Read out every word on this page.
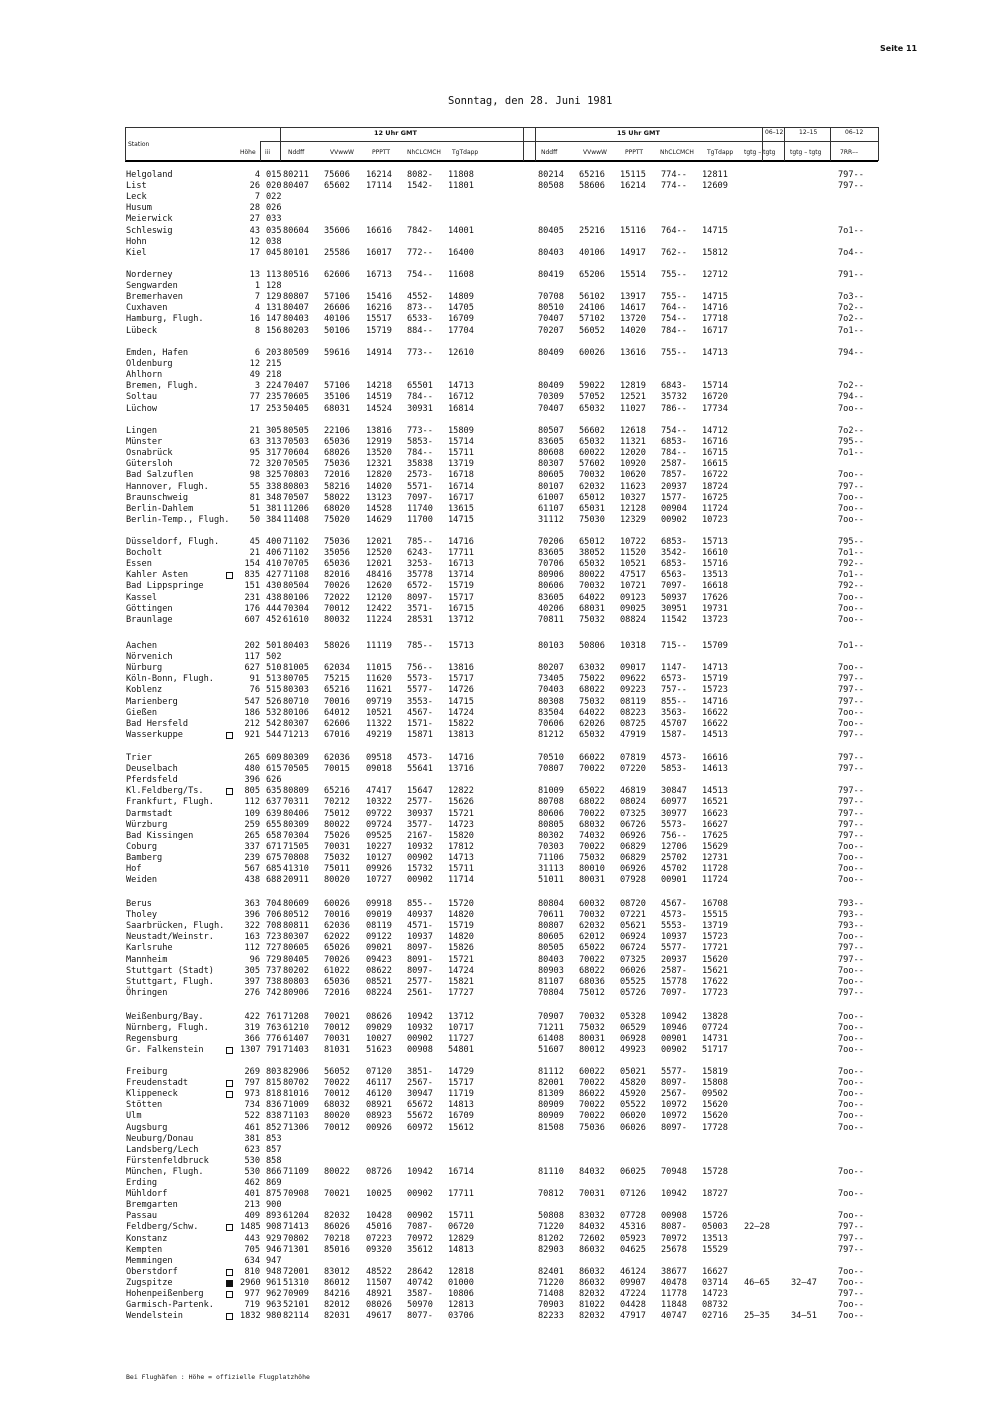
Seite 11
Sonntag, den 28. Juni 1981
Station
Höhe iii
12 Uhr GMT	15 Uhr GMT
Nddff	VVwwW	PPPTT	NhCLCMCH TgTdapp	Nddff	VVwwW	PPPTT	NhCLCMCH TgTdapp
06–12	12–15	06–12
tgtg – tgtg tgtg – tgtg	7RR––
Helgoland	4 015 80211 75606 16214 8082- 11808	80214 65216 15115 774-- 12811	797--
List	26 020 80407 65602 17114 1542- 11801	80508 58606 16214 774-- 12609	797--
Leck	7 022
Husum	28 026
Meierwick	27 033
Schleswig	43 035 80604 35606 16616 7842- 14001	80405 25216 15116 764-- 14715	7o1--
Hohn	12 038
Kiel	17 045 80101 25586 16017 772-- 16400	80403 40106 14917 762-- 15812	7o4--
Norderney	13 113 80516 62606 16713 754-- 11608	80419 65206 15514 755-- 12712	791--
Sengwarden	1 128
Bremerhaven	7 129 80807 57106 15416 4552- 14809	70708 56102 13917 755-- 14715	7o3--
Cuxhaven	4 131 80407 26606 16216 873-- 14705	80510 24106 14617 764-- 14716	7o2--
Hamburg, Flugh.	16 147 80403 40106 15517 6533- 16709	70407 57102 13720 754-- 17718	7o2--
Lübeck	8 156 80203 50106 15719 884-- 17704	70207 56052 14020 784-- 16717	7o1--
Emden, Hafen	6 203 80509 59616 14914 773-- 12610	80409 60026 13616 755-- 14713	794--
Oldenburg	12 215
Ahlhorn	49 218
Bremen, Flugh.	3 224 70407 57106 14218 65501 14713	80409 59022 12819 6843- 15714	7o2--
Soltau	77 235 70605 35106 14519 784-- 16712	70309 57052 12521 35732 16720	794--
Lüchow	17 253 50405 68031 14524 30931 16814	70407 65032 11027 786-- 17734	7oo--
Lingen	21 305 80505 22106 13816 773-- 15809	80507 56602 12618 754-- 14712	7o2--
Münster	63 313 70503 65036 12919 5853- 15714	83605 65032 11321 6853- 16716	795--
Osnabrück	95 317 70604 68026 13520 784-- 15711	80608 60022 12020 784-- 16715	7o1--
Gütersloh	72 320 70505 75036 12321 35838 13719	80307 57602 10920 2587- 16615
Bad Salzuflen	98 325 70803 72016 12820 2573- 16718	80605 70032 10620 7857- 16722	7oo--
Hannover, Flugh.	55 338 80803 58216 14020 5571- 16714	80107 62032 11623 20937 18724	797--
Braunschweig	81 348 70507 58022 13123 7097- 16717	61007 65012 10327 1577- 16725	7oo--
Berlin-Dahlem	51 381 11206 68020 14528 11740 13615	61107 65031 12128 00904 11724	7oo--
Berlin-Temp., Flugh.	50 384 11408 75020 14629 11700 14715	31112 75030 12329 00902 10723	7oo--
Düsseldorf, Flugh.	45 400 71102 75036 12021 785-- 14716	70206 65012 10722 6853- 15713	795--
Bocholt	21 406 71102 35056 12520 6243- 17711	83605 38052 11520 3542- 16610	7o1--
Essen	154 410 70705 65036 12021 3253- 16713	70706 65032 10521 6853- 15716	792--
Kahler Asten	835 427 71108 82016 48416 35778 13714	80906 80022 47517 6563- 13513	7o1--
Bad Lippspringe	151 430 80504 70026 12620 6572- 15719	80606 70032 10721 7097- 16618	792--
Kassel	231 438 80106 72022 12120 8097- 15717	83605 64022 09123 50937 17626	7oo--
Göttingen	176 444 70304 70012 12422 3571- 16715	40206 68031 09025 30951 19731	7oo--
Braunlage	607 452 61610 80032 11224 28531 13712	70811 75032 08824 11542 13723	7oo--
Aachen	202 501 80403 58026 11119 785-- 15713	80103 50806 10318 715-- 15709	7o1--
Nörvenich	117 502
Nürburg	627 510 81005 62034 11015 756-- 13816	80207 63032 09017 1147- 14713	7oo--
Köln-Bonn, Flugh.	91 513 80705 75215 11620 5573- 15717	73405 75022 09622 6573- 15719	797--
Koblenz	76 515 80303 65216 11621 5577- 14726	70403 68022 09223 757-- 15723	797--
Marienberg	547 526 80710 70016 09719 3553- 14715	80308 75032 08119 855-- 14716	797--
Gießen	186 532 80106 64012 10521 4567- 14724	83504 64022 08223 3563- 16622	7oo--
Bad Hersfeld	212 542 80307 62606 11322 1571- 15822	70606 62026 08725 45707 16622	7oo--
Wasserkuppe	921 544 71213 67016 49219 15871 13813	81212 65032 47919 1587- 14513	797--
Trier	265 609 80309 62036 09518 4573- 14716	70510 66022 07819 4573- 16616	797--
Deuselbach	480 615 70505 70015 09018 55641 13716	70807 70022 07220 5853- 14613	797--
Pferdsfeld	396 626
Kl.Feldberg/Ts.	805 635 80809 65216 47417 15647 12822	81009 65022 46819 30847 14513	797--
Frankfurt, Flugh.	112 637 70311 70212 10322 2577- 15626	80708 68022 08024 60977 16521	797--
Darmstadt	109 639 80406 75012 09722 30937 15721	80606 70022 07325 30977 16623	797--
Würzburg	259 655 80309 80022 09724 3577- 14723	80805 68032 06726 5573- 16627	797--
Bad Kissingen	265 658 70304 75026 09525 2167- 15820	80302 74032 06926 756-- 17625	797--
Coburg	337 671 71505 70031 10227 10932 17812	70303 70022 06829 12706 15629	7oo--
Bamberg	239 675 70808 75032 10127 00902 14713	71106 75032 06829 25702 12731	7oo--
Hof	567 685 41310 75011 09926 15732 15711	31113 80010 06926 45702 11728	7oo--
Weiden	438 688 20911 80020 10727 00902 11714	51011 80031 07928 00901 11724	7oo--
Berus	363 704 80609 60026 09918 855-- 15720	80804 60032 08720 4567- 16708	793--
Tholey	396 706 80512 70016 09019 40937 14820	70611 70032 07221 4573- 15515	793--
Saarbrücken, Flugh.	322 708 80811 62036 08119 4571- 15719	80807 62032 05621 5553- 13719	793--
Neustadt/Weinstr.	163 723 80307 62022 09122 10937 14820	80605 62012 06924 10937 15723	7oo--
Karlsruhe	112 727 80605 65026 09021 8097- 15826	80505 65022 06724 5577- 17721	797--
Mannheim	96 729 80405 70026 09423 8091- 15721	80403 70022 07325 20937 15620	797--
Stuttgart (Stadt)	305 737 80202 61022 08622 8097- 14724	80903 68022 06026 2587- 15621	7oo--
Stuttgart, Flugh.	397 738 80803 65036 08521 2577- 15821	81107 68036 05525 15778 17622	7oo--
Öhringen	276 742 80906 72016 08224 2561- 17727	70804 75012 05726 7097- 17723	797--
Weißenburg/Bay.	422 761 71208 70021 08626 10942 13712	70907 70032 05328 10942 13828	7oo--
Nürnberg, Flugh.	319 763 61210 70012 09029 10932 10717	71211 75032 06529 10946 07724	7oo--
Regensburg	366 776 61407 70031 10027 00902 11727	61408 80031 06928 00901 14731	7oo--
Gr. Falkenstein	1307 791 71403 81031 51623 00908 54801	51607 80012 49923 00902 51717	7oo--
Freiburg	269 803 82906 56052 07120 3851- 14729	81112 60022 05021 5577- 15819	7oo--
Freudenstadt	797 815 80702 70022 46117 2567- 15717	82001 70022 45820 8097- 15808	7oo--
Klippeneck	973 818 81016 70012 46120 30947 11719	81309 86022 45920 2567- 09502	7oo--
Stötten	734 836 71009 68032 08921 65672 14813	80909 70022 05522 10972 15620	7oo--
Ulm	522 838 71103 80020 08923 55672 16709	80909 70022 06020 10972 15620	7oo--
Augsburg	461 852 71306 70012 00926 60972 15612	81508 75036 06026 8097- 17728	7oo--
Neuburg/Donau	381 853
Landsberg/Lech	623 857
Fürstenfeldbruck	530 858
München, Flugh.	530 866 71109 80022 08726 10942 16714	81110 84032 06025 70948 15728	7oo--
Erding	462 869
Mühldorf	401 875 70908 70021 10025 00902 17711	70812 70031 07126 10942 18727	7oo--
Bremgarten	213 900
Passau	409 893 61204 82032 10428 00902 15711	50808 83032 07728 00908 15726	7oo--
Feldberg/Schw.	1485 908 71413 86026 45016 7087- 06720	71220 84032 45316 8087- 05003 22–28	797--
Konstanz	443 929 70802 70218 07223 70972 12829	81202 72602 05923 70972 13513	797--
Kempten	705 946 71301 85016 09320 35612 14813	82903 86032 04625 25678 15529	797--
Memmingen	634 947
Oberstdorf	810 948 72001 83012 48522 28642 12818	82401 86032 46124 38677 16627	7oo--
Zugspitze	2960 961 51310 86012 11507 40742 01000	71220 86032 09907 40478 03714 46–65 32–47 7oo--
Hohenpeißenberg	977 962 70909 84216 48921 3587- 10806	71408 82032 47224 11778 14723	797--
Garmisch-Partenk.	719 963 52101 82012 08026 50970 12813	70903 81022 04428 11848 08732	7oo--
Wendelstein	1832 980 82114 82031 49617 8077- 03706	82233 82032 47917 40747 02716 25–35 34–51 7oo--
Bei Flughäfen : Höhe = offizielle Flugplatzhöhe
